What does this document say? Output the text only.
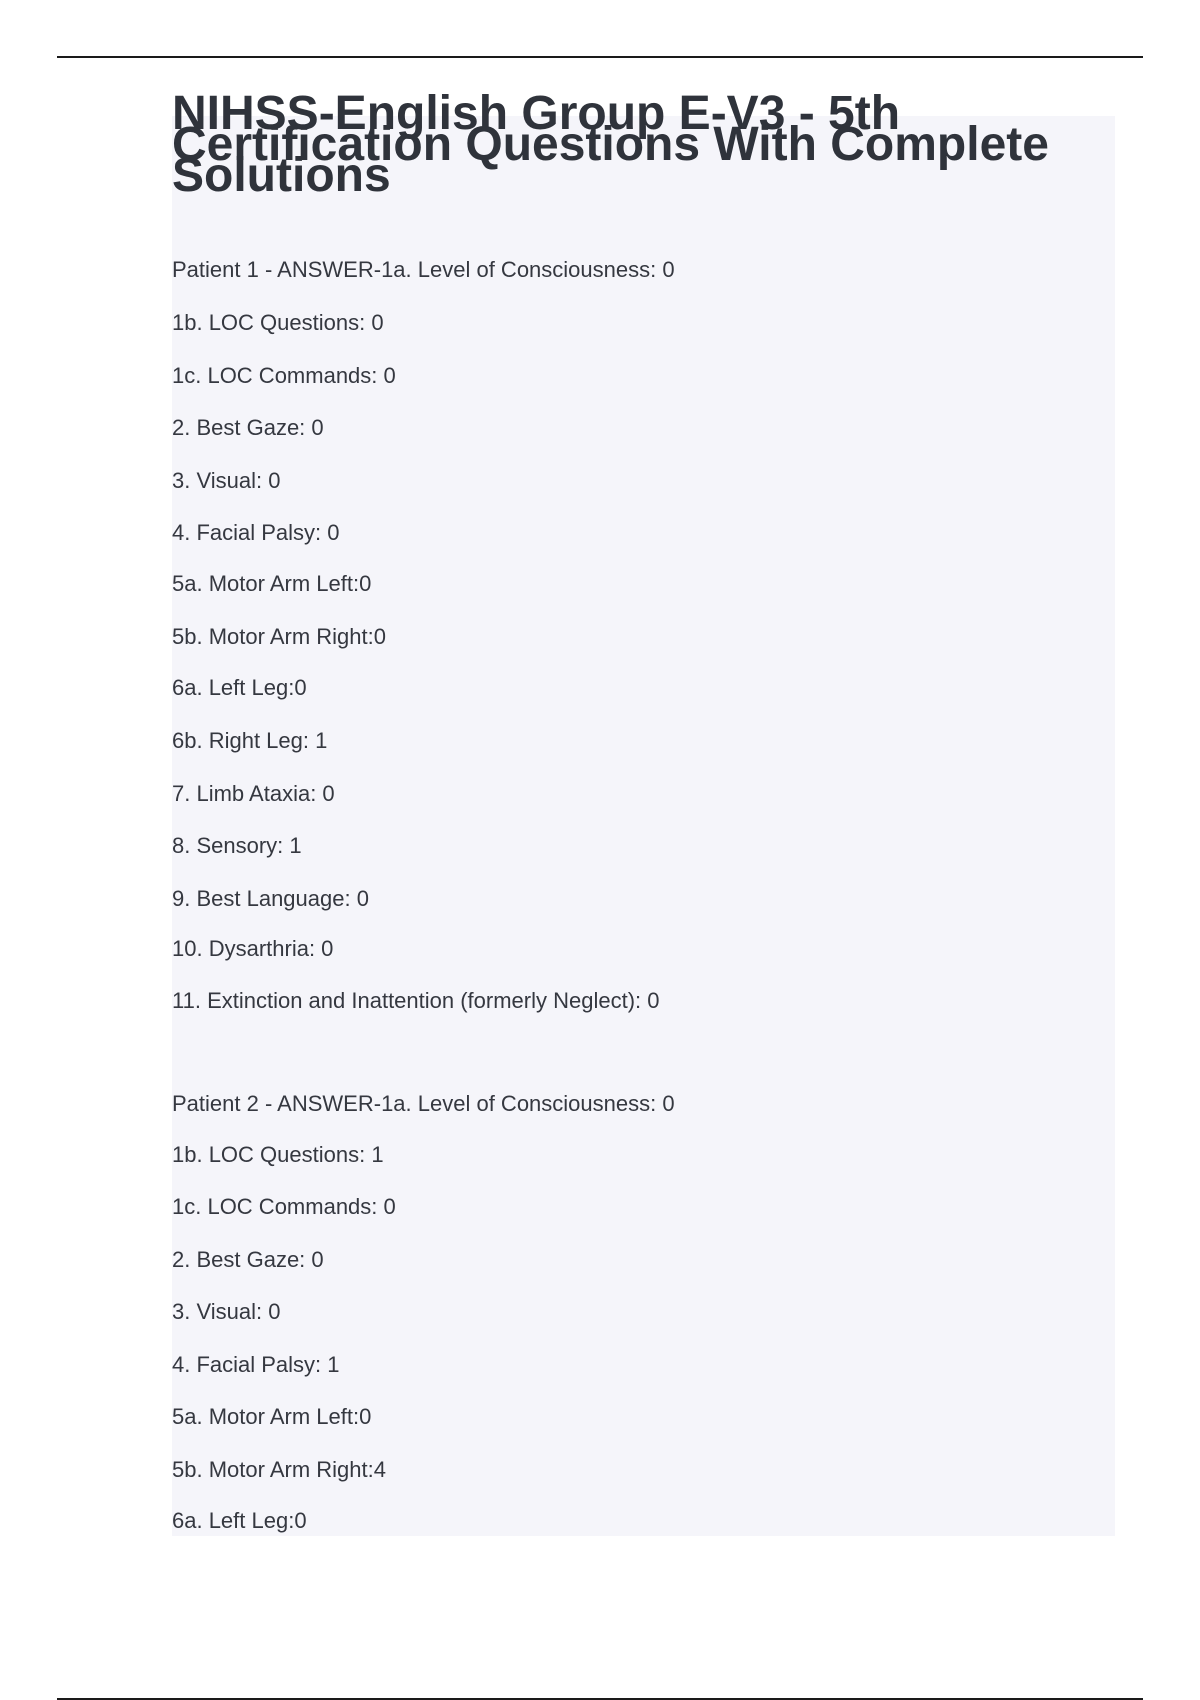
NIHSS-English Group E-V3 - 5th Certification Questions With Complete Solutions
Patient 1 - ANSWER-1a. Level of Consciousness: 0
1b. LOC Questions: 0
1c. LOC Commands: 0
2. Best Gaze: 0
3. Visual: 0
4. Facial Palsy: 0
5a. Motor Arm Left:0
5b. Motor Arm Right:0
6a. Left Leg:0
6b. Right Leg: 1
7. Limb Ataxia: 0
8. Sensory: 1
9. Best Language: 0
10. Dysarthria: 0
11. Extinction and Inattention (formerly Neglect): 0
Patient 2 - ANSWER-1a. Level of Consciousness: 0
1b. LOC Questions: 1
1c. LOC Commands: 0
2. Best Gaze: 0
3. Visual: 0
4. Facial Palsy: 1
5a. Motor Arm Left:0
5b. Motor Arm Right:4
6a. Left Leg:0
